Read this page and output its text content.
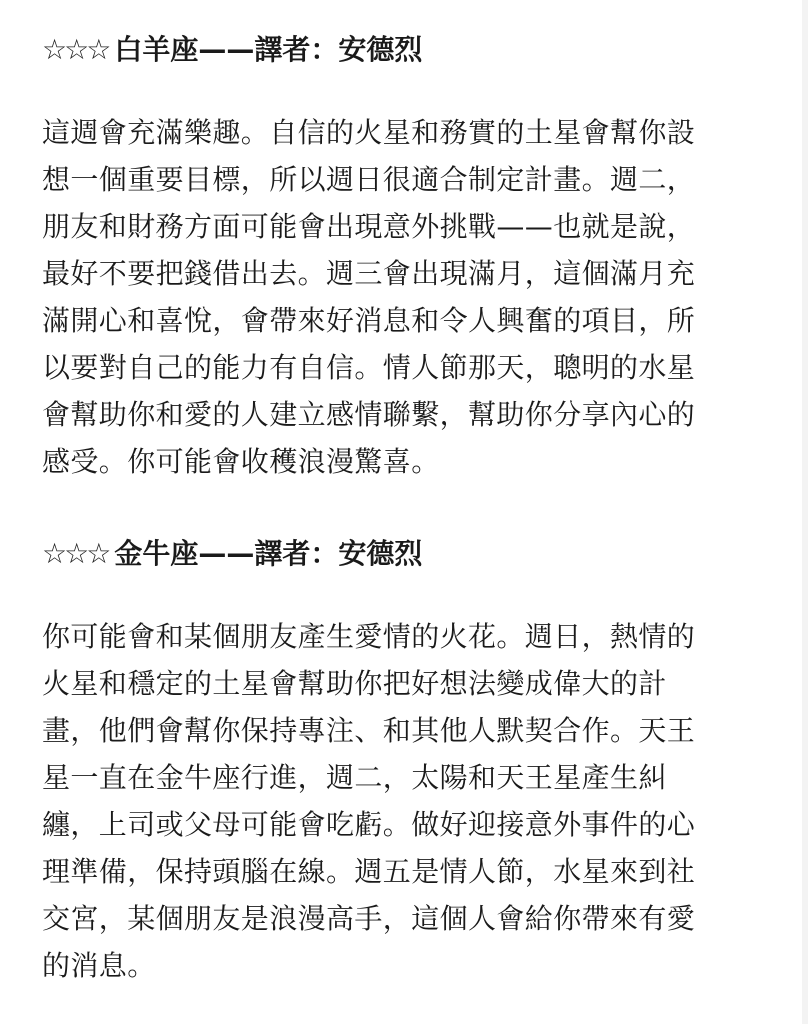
☆☆☆ 白羊座——譯者：安德烈
這週會充滿樂趣。自信的火星和務實的土星會幫你設
想一個重要目標，所以週日很適合制定計畫。週二，
朋友和財務方面可能會出現意外挑戰——也就是說，
最好不要把錢借出去。週三會出現滿月，這個滿月充
滿開心和喜悅，會帶來好消息和令人興奮的項目，所
以要對自己的能力有自信。情人節那天，聰明的水星
會幫助你和愛的人建立感情聯繫，幫助你分享內心的
感受。你可能會收穫浪漫驚喜。
☆☆☆ 金牛座——譯者：安德烈
你可能會和某個朋友產生愛情的火花。週日，熱情的
火星和穩定的土星會幫助你把好想法變成偉大的計
畫，他們會幫你保持專注、和其他人默契合作。天王
星一直在金牛座行進，週二，太陽和天王星產生糾
纏，上司或父母可能會吃虧。做好迎接意外事件的心
理準備，保持頭腦在線。週五是情人節，水星來到社
交宮，某個朋友是浪漫高手，這個人會給你帶來有愛
的消息。
